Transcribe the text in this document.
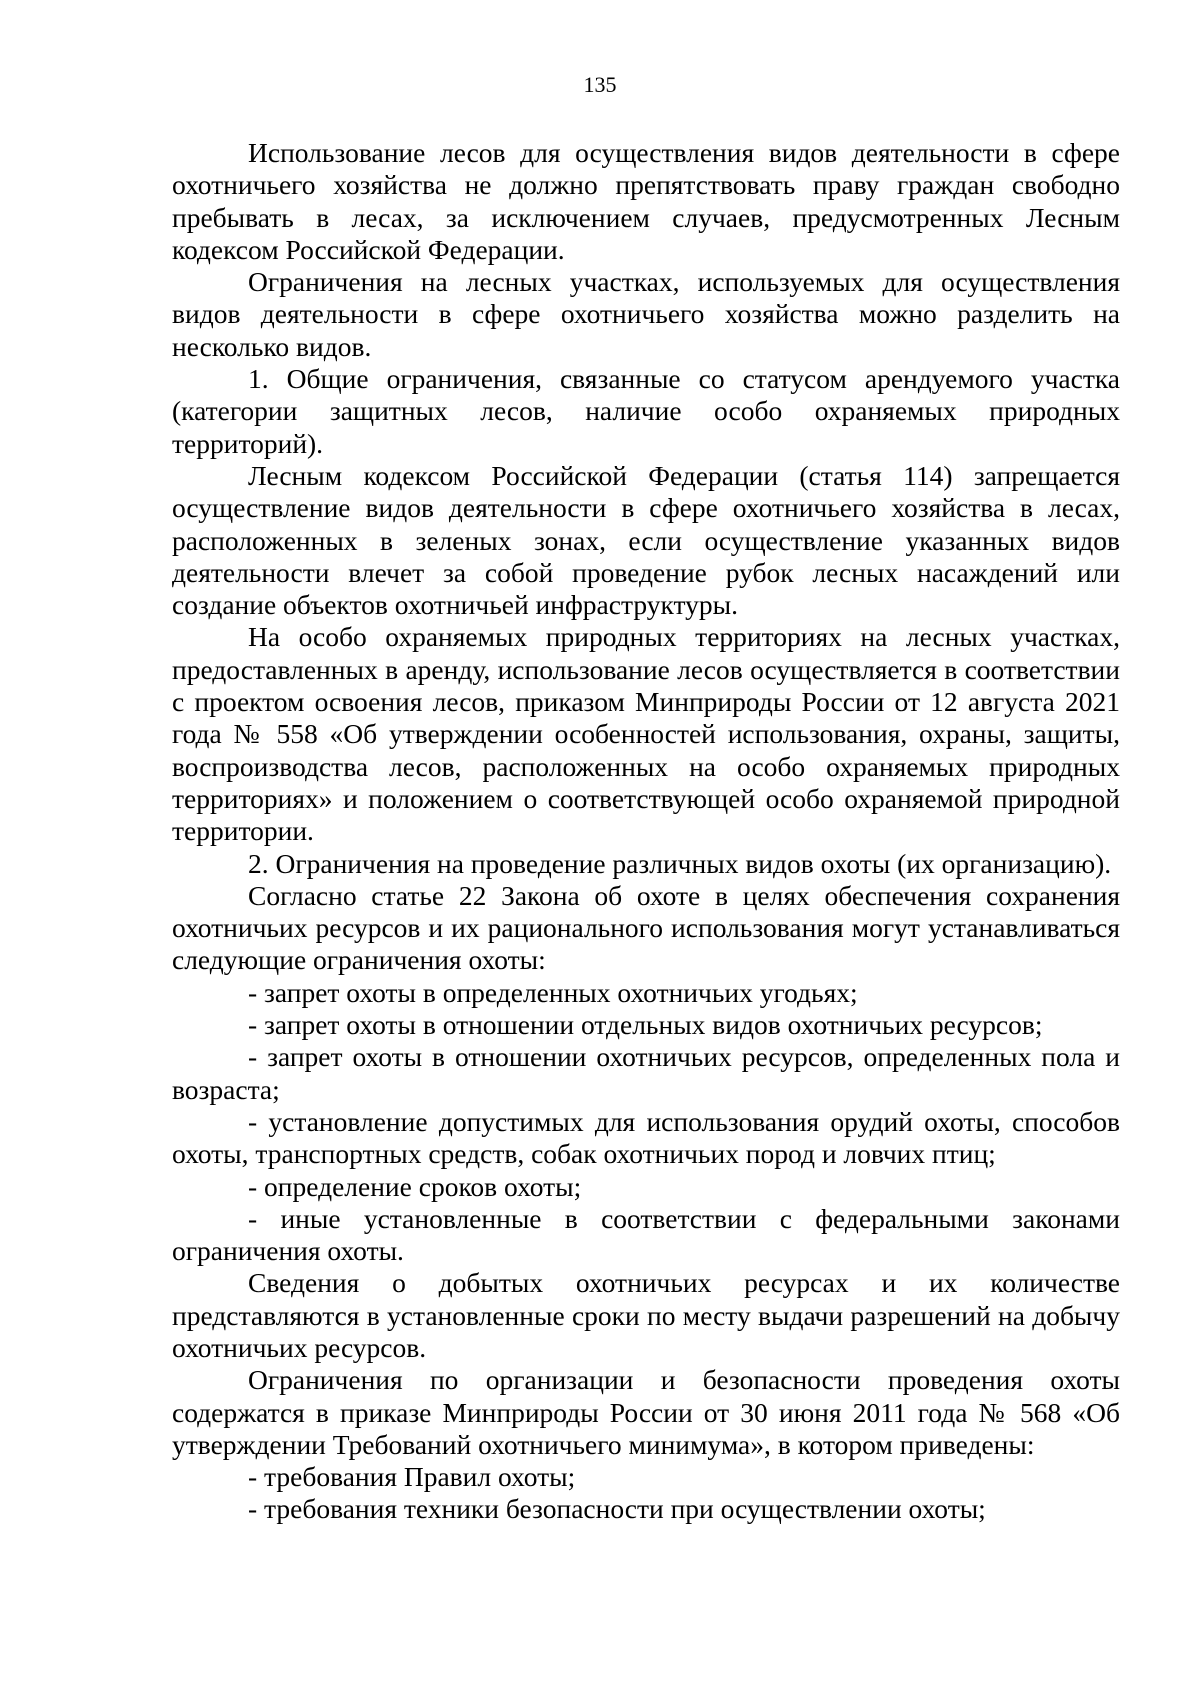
135

Использование лесов для осуществления видов деятельности в сфере охотничьего хозяйства не должно препятствовать праву граждан свободно пребывать в лесах, за исключением случаев, предусмотренных Лесным кодексом Российской Федерации.

Ограничения на лесных участках, используемых для осуществления видов деятельности в сфере охотничьего хозяйства можно разделить на несколько видов.

1. Общие ограничения, связанные со статусом арендуемого участка (категории защитных лесов, наличие особо охраняемых природных территорий).

Лесным кодексом Российской Федерации (статья 114) запрещается осуществление видов деятельности в сфере охотничьего хозяйства в лесах, расположенных в зеленых зонах, если осуществление указанных видов деятельности влечет за собой проведение рубок лесных насаждений или создание объектов охотничьей инфраструктуры.

На особо охраняемых природных территориях на лесных участках, предоставленных в аренду, использование лесов осуществляется в соответствии с проектом освоения лесов, приказом Минприроды России от 12 августа 2021 года № 558 «Об утверждении особенностей использования, охраны, защиты, воспроизводства лесов, расположенных на особо охраняемых природных территориях» и положением о соответствующей особо охраняемой природной территории.

2. Ограничения на проведение различных видов охоты (их организацию).

Согласно статье 22 Закона об охоте в целях обеспечения сохранения охотничьих ресурсов и их рационального использования могут устанавливаться следующие ограничения охоты:

- запрет охоты в определенных охотничьих угодьях;

- запрет охоты в отношении отдельных видов охотничьих ресурсов;

- запрет охоты в отношении охотничьих ресурсов, определенных пола и возраста;

- установление допустимых для использования орудий охоты, способов охоты, транспортных средств, собак охотничьих пород и ловчих птиц;

- определение сроков охоты;

- иные установленные в соответствии с федеральными законами ограничения охоты.

Сведения о добытых охотничьих ресурсах и их количестве представляются в установленные сроки по месту выдачи разрешений на добычу охотничьих ресурсов.

Ограничения по организации и безопасности проведения охоты содержатся в приказе Минприроды России от 30 июня 2011 года № 568 «Об утверждении Требований охотничьего минимума», в котором приведены:

- требования Правил охоты;

- требования техники безопасности при осуществлении охоты;
